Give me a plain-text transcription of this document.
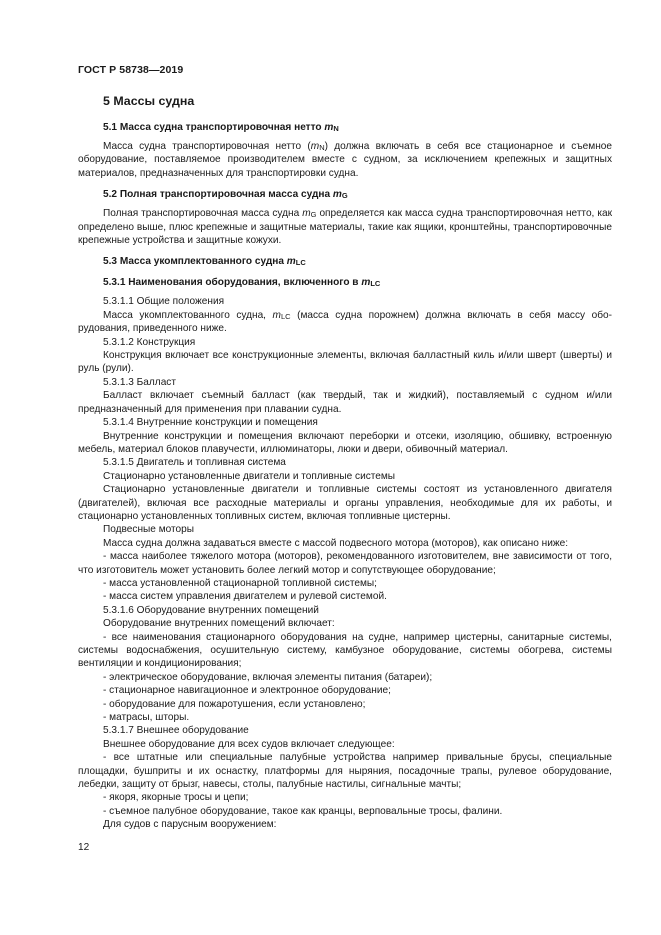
ГОСТ Р 58738—2019
5 Массы судна
5.1 Масса судна транспортировочная нетто $m_N$

Масса судна транспортировочная нетто $(m_N)$ должна включать в себя все стационарное и съемное оборудование, поставляемое производителем вместе с судном, за исключением крепежных и защитных материалов, предназначенных для транспортировки судна.

5.2 Полная транспортировочная масса судна $m_G$

Полная транспортировочная масса судна $m_G$ определяется как масса судна транспортировочная нетто, как определено выше, плюс крепежные и защитные материалы, такие как ящики, кронштейны, транспортировочные крепежные устройства и защитные кожухи.

5.3 Масса укомплектованного судна $m_{LC}$
5.3.1 Наименования оборудования, включенного в $m_{LC}$

5.3.1.1 Общие положения

Масса укомплектованного судна, $m_{LC}$ (масса судна порожнем) должна включать в себя массу оборудования, приведенного ниже.

5.3.1.2 Конструкция

Конструкция включает все конструкционные элементы, включая балластный киль и/или шверт (шверты) и руль (рули).

5.3.1.3 Балласт

Балласт включает съемный балласт (как твердый, так и жидкий), поставляемый с судном и/или предназначенный для применения при плавании судна.

5.3.1.4 Внутренние конструкции и помещения

Внутренние конструкции и помещения включают переборки и отсеки, изоляцию, обшивку, встроенную мебель, материал блоков плавучести, иллюминаторы, люки и двери, обивочный материал.

5.3.1.5 Двигатель и топливная система

Стационарно установленные двигатели и топливные системы

Стационарно установленные двигатели и топливные системы состоят из установленного двигателя (двигателей), включая все расходные материалы и органы управления, необходимые для их работы, и стационарно установленных топливных систем, включая топливные цистерны.

Подвесные моторы

Масса судна должна задаваться вместе с массой подвесного мотора (моторов), как описано ниже:

- масса наиболее тяжелого мотора (моторов), рекомендованного изготовителем, вне зависимости от того, что изготовитель может установить более легкий мотор и сопутствующее оборудование;

- масса установленной стационарной топливной системы;

- масса систем управления двигателем и рулевой системой.

5.3.1.6 Оборудование внутренних помещений

Оборудование внутренних помещений включает:

- все наименования стационарного оборудования на судне, например цистерны, санитарные системы, системы водоснабжения, осушительную систему, камбузное оборудование, системы обогрева, системы вентиляции и кондиционирования;

- электрическое оборудование, включая элементы питания (батареи);

- стационарное навигационное и электронное оборудование;

- оборудование для пожаротушения, если установлено;

- матрасы, шторы.

5.3.1.7 Внешнее оборудование

Внешнее оборудование для всех судов включает следующее:

- все штатные или специальные палубные устройства например привальные брусы, специальные площадки, бушприты и их оснастку, платформы для ныряния, посадочные трапы, рулевое оборудование, лебедки, защиту от брызг, навесы, столы, палубные настилы, сигнальные мачты;

- якоря, якорные тросы и цепи;

- съемное палубное оборудование, такое как кранцы, верповальные тросы, фалини.

Для судов с парусным вооружением:

12
